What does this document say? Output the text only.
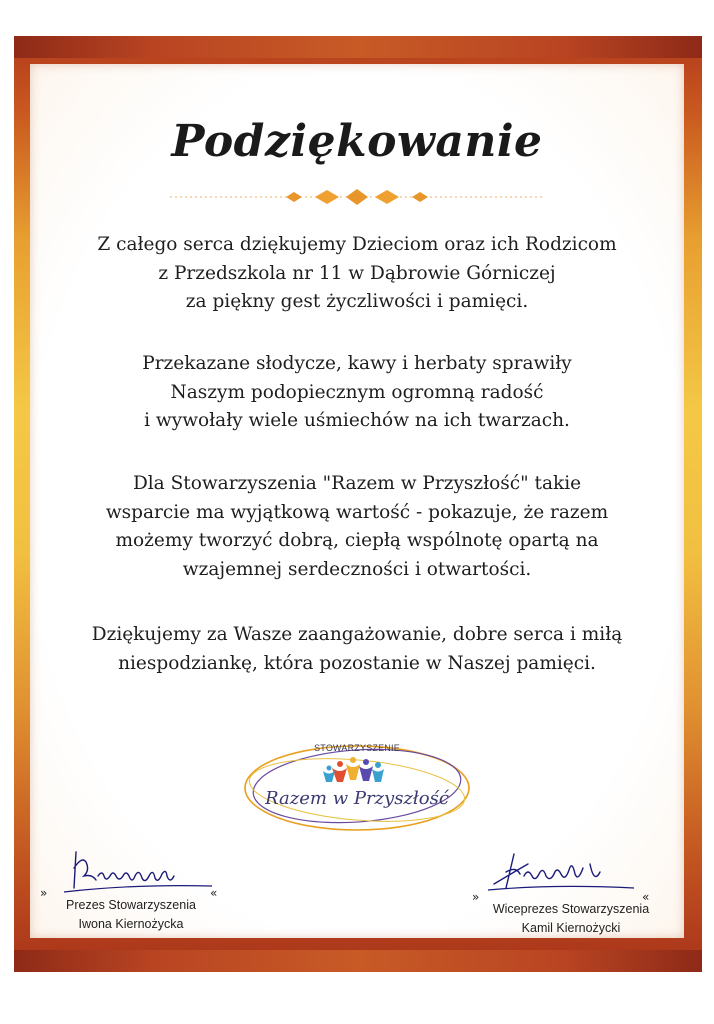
Podziękowanie
Z całego serca dziękujemy Dzieciom oraz ich Rodzicom
z Przedszkola nr 11 w Dąbrowie Górniczej
za piękny gest życzliwości i pamięci.
Przekazane słodycze, kawy i herbaty sprawiły
Naszym podopiecznym ogromną radość
i wywołały wiele uśmiechów na ich twarzach.
Dla Stowarzyszenia "Razem w Przyszłość" takie
wsparcie ma wyjątkową wartość - pokazuje, że razem
możemy tworzyć dobrą, ciepłą wspólnotę opartą na
wzajemnej serdeczności i otwartości.
Dziękujemy za Wasze zaangażowanie, dobre serca i miłą
niespodziankę, która pozostanie w Naszej pamięci.
STOWARZYSZENIE
Razem w Przyszłość
»	«
Prezes Stowarzyszenia
Iwona Kiernożycka
»	«
Wiceprezes Stowarzyszenia
Kamil Kiernożycki
